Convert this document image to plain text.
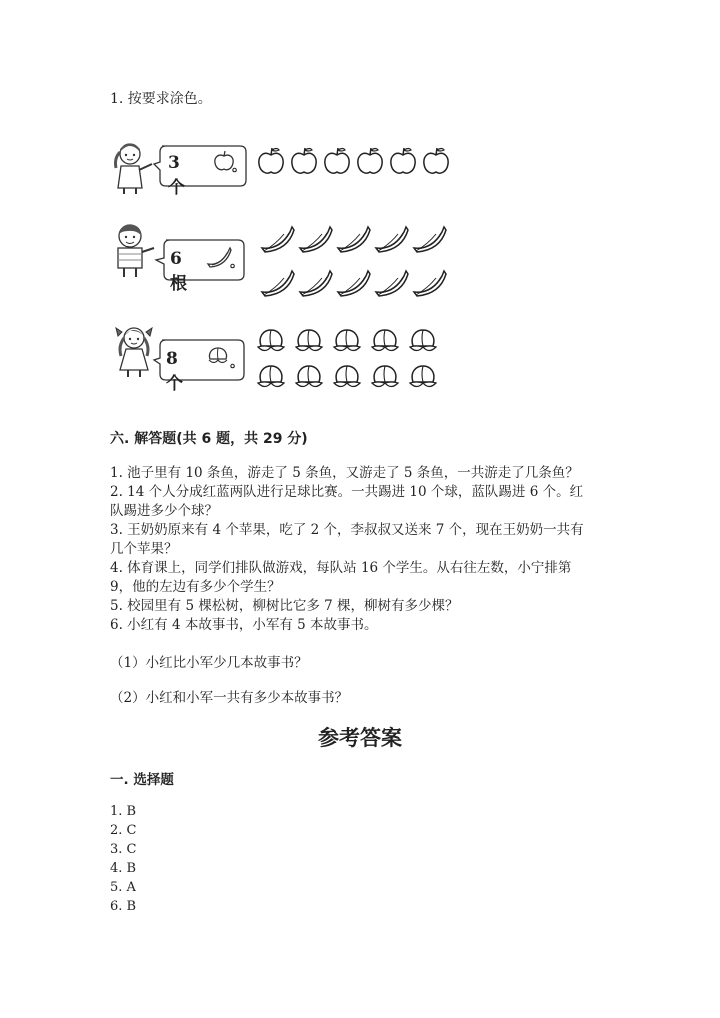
1. 按要求涂色。
3 个
。
6 根
。
8 个
。
六. 解答题(共 6 题，共 29 分)
1. 池子里有 10 条鱼，游走了 5 条鱼，又游走了 5 条鱼，一共游走了几条鱼？
2. 14 个人分成红蓝两队进行足球比赛。一共踢进 10 个球，蓝队踢进 6 个。红
队踢进多少个球？
3. 王奶奶原来有 4 个苹果，吃了 2 个，李叔叔又送来 7 个，现在王奶奶一共有
几个苹果？
4. 体育课上，同学们排队做游戏，每队站 16 个学生。从右往左数，小宁排第
9，他的左边有多少个学生？
5. 校园里有 5 棵松树，柳树比它多 7 棵，柳树有多少棵？
6. 小红有 4 本故事书，小军有 5 本故事书。
（1）小红比小军少几本故事书？
（2）小红和小军一共有多少本故事书？
参考答案
一. 选择题
1. B
2. C
3. C
4. B
5. A
6. B
